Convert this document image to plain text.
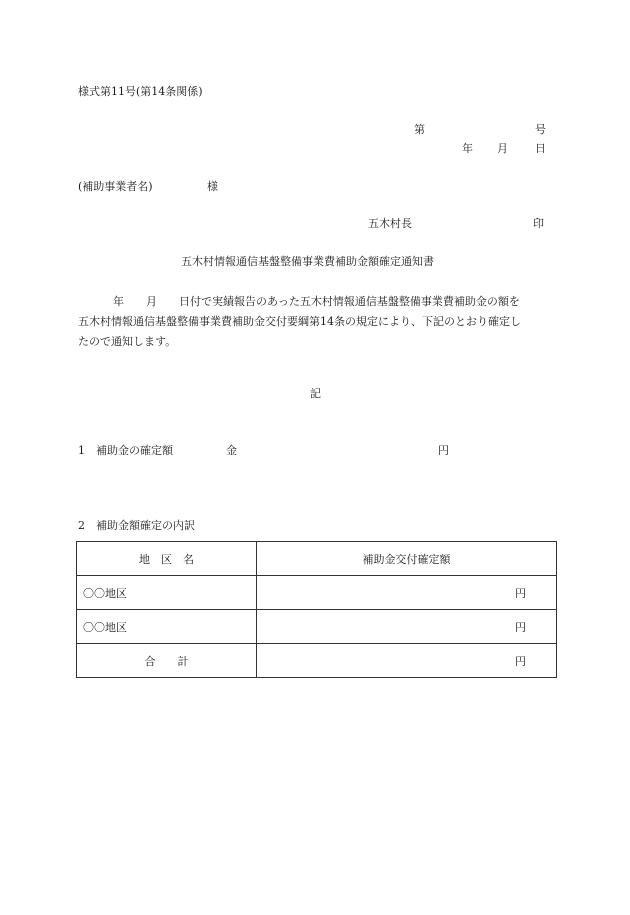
様式第11号(第14条関係)
第	号
年 月 日
(補助事業者名)	様
五木村長	印
五木村情報通信基盤整備事業費補助金額確定通知書
年　　月　　日付で実績報告のあった五木村情報通信基盤整備事業費補助金の額を
五木村情報通信基盤整備事業費補助金交付要綱第14条の規定により、下記のとおり確定し
たので通知します。
記
1　補助金の確定額	金	円
2　補助金額確定の内訳
地　区　名	補助金交付確定額
〇〇地区	円
〇〇地区	円
合　　計	円
